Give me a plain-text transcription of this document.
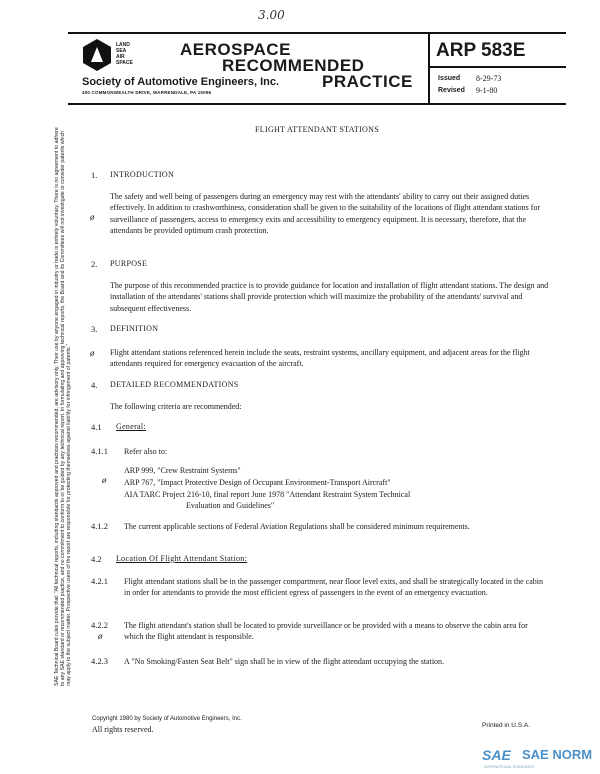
3.00
LAND
SEA
AIR
SPACE
AEROSPACE
RECOMMENDED
PRACTICE
Society of Automotive Engineers, Inc.
400 COMMONWEALTH DRIVE, WARRENDALE, PA 15096
ARP 583E
Issued 8-29-73
Revised 9-1-80
SAE Technical Board rules provide that: "All technical reports, including standards approved and practices recommended, are advisory only. Their use by anyone engaged in industry or trade is entirely voluntary. There is no agreement to adhere to any SAE standard or recommended practice, and no commitment to conform to or be guided by any technical report. In formulating and approving technical reports, the Board and its Committees will not investigate or consider patents which may apply to the subject matter. Prospective users of the report are responsible for protecting themselves against liability for infringement of patents."
FLIGHT ATTENDANT STATIONS
1. INTRODUCTION
ø
The safety and well being of passengers during an emergency may rest with the attendants' ability to carry out their assigned duties effectively. In addition to crashworthiness, consideration shall be given to the suitability of the locations of flight attendant stations for surveillance of passengers, access to emergency exits and accessibility to emergency equipment. It is necessary, therefore, that the attendants be provided optimum crash protection.
2. PURPOSE
The purpose of this recommended practice is to provide guidance for location and installation of flight attendant stations. The design and installation of the attendants' stations shall provide protection which will maximize the probability of the attendants' survival and subsequent effectiveness.
3. DEFINITION
ø Flight attendant stations referenced herein include the seats, restraint systems, ancillary equipment, and adjacent areas for the flight attendants required for emergency evacuation of the aircraft.
4. DETAILED RECOMMENDATIONS
The following criteria are recommended:
4.1 General:
4.1.1 Refer also to:
ø
ARP 999, "Crew Restraint Systems"
ARP 767, "Impact Protective Design of Occupant Environment-Transport Aircraft"
AIA TARC Project 216-10, final report June 1978 "Attendant Restraint System Technical
Evaluation and Guidelines"
4.1.2 The current applicable sections of Federal Aviation Regulations shall be considered minimum requirements.
4.2 Location Of Flight Attendant Station:
4.2.1 Flight attendant stations shall be in the passenger compartment, near floor level exits, and shall be strategically located in the cabin in order for attendants to provide the most efficient egress of passengers in the event of an emergency evacuation.
4.2.2
ø
The flight attendant's station shall be located to provide surveillance or be provided with a means to observe the cabin area for which the flight attendant is responsible.
4.2.3 A "No Smoking/Fasten Seat Belt" sign shall be in view of the flight attendant occupying the station.
Copyright 1980 by Society of Automotive Engineers, Inc.
All rights reserved.	Printed in U.S.A.
SAE SAE NORM
INTERNATIONAL STANDARDS
